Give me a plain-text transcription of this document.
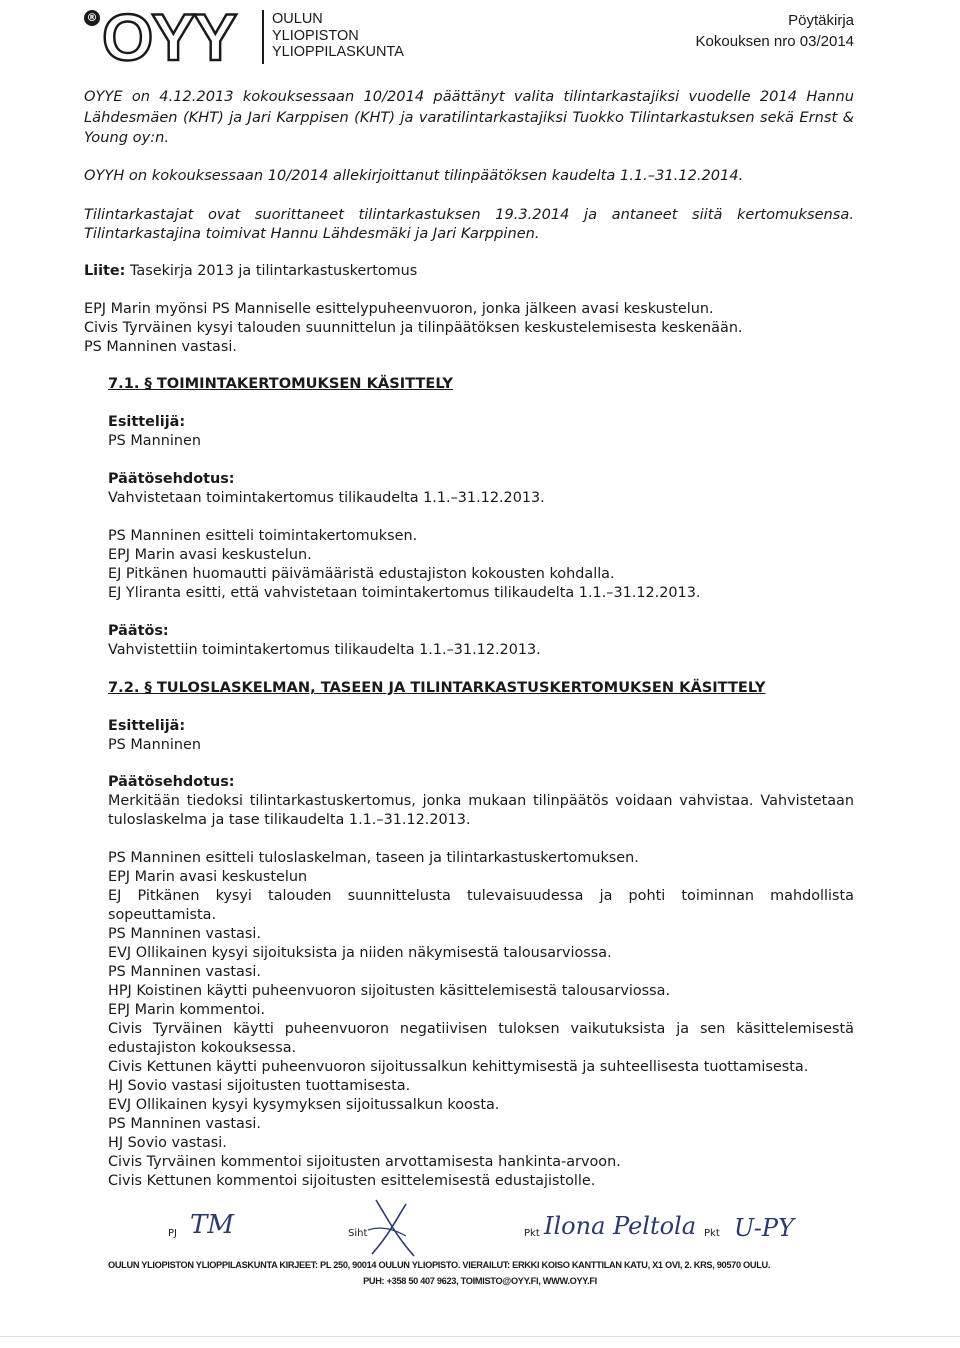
® OYY	OULUN
YLIOPISTON
YLIOPPILASKUNTA
Pöytäkirja
Kokouksen nro 03/2014
OYYE on 4.12.2013 kokouksessaan 10/2014 päättänyt valita tilintarkastajiksi vuodelle 2014 Hannu
Lähdesmäen (KHT) ja Jari Karppisen (KHT) ja varatilintarkastajiksi Tuokko Tilintarkastuksen sekä Ernst &
Young oy:n.
OYYH on kokouksessaan 10/2014 allekirjoittanut tilinpäätöksen kaudelta 1.1.–31.12.2014.
Tilintarkastajat ovat suorittaneet tilintarkastuksen 19.3.2014 ja antaneet siitä kertomuksensa.
Tilintarkastajina toimivat Hannu Lähdesmäki ja Jari Karppinen.
Liite: Tasekirja 2013 ja tilintarkastuskertomus
EPJ Marin myönsi PS Manniselle esittelypuheenvuoron, jonka jälkeen avasi keskustelun.
Civis Tyrväinen kysyi talouden suunnittelun ja tilinpäätöksen keskustelemisesta keskenään.
PS Manninen vastasi.
7.1. § TOIMINTAKERTOMUKSEN KÄSITTELY
Esittelijä:
PS Manninen
Päätösehdotus:
Vahvistetaan toimintakertomus tilikaudelta 1.1.–31.12.2013.
PS Manninen esitteli toimintakertomuksen.
EPJ Marin avasi keskustelun.
EJ Pitkänen huomautti päivämääristä edustajiston kokousten kohdalla.
EJ Yliranta esitti, että vahvistetaan toimintakertomus tilikaudelta 1.1.–31.12.2013.
Päätös:
Vahvistettiin toimintakertomus tilikaudelta 1.1.–31.12.2013.
7.2. § TULOSLASKELMAN, TASEEN JA TILINTARKASTUSKERTOMUKSEN KÄSITTELY
Esittelijä:
PS Manninen
Päätösehdotus:
Merkitään tiedoksi tilintarkastuskertomus, jonka mukaan tilinpäätös voidaan vahvistaa. Vahvistetaan
tuloslaskelma ja tase tilikaudelta 1.1.–31.12.2013.
PS Manninen esitteli tuloslaskelman, taseen ja tilintarkastuskertomuksen.
EPJ Marin avasi keskustelun
EJ Pitkänen kysyi talouden suunnittelusta tulevaisuudessa ja pohti toiminnan mahdollista
sopeuttamista.
PS Manninen vastasi.
EVJ Ollikainen kysyi sijoituksista ja niiden näkymisestä talousarviossa.
PS Manninen vastasi.
HPJ Koistinen käytti puheenvuoron sijoitusten käsittelemisestä talousarviossa.
EPJ Marin kommentoi.
Civis Tyrväinen käytti puheenvuoron negatiivisen tuloksen vaikutuksista ja sen käsittelemisestä
edustajiston kokouksessa.
Civis Kettunen käytti puheenvuoron sijoitussalkun kehittymisestä ja suhteellisesta tuottamisesta.
HJ Sovio vastasi sijoitusten tuottamisesta.
EVJ Ollikainen kysyi kysymyksen sijoitussalkun koosta.
PS Manninen vastasi.
HJ Sovio vastasi.
Civis Tyrväinen kommentoi sijoitusten arvottamisesta hankinta-arvoon.
Civis Kettunen kommentoi sijoitusten esittelemisestä edustajistolle.
PJ TM	Siht	Pkt Ilona Peltola Pkt U-PY
OULUN YLIOPISTON YLIOPPILASKUNTA KIRJEET: PL 250, 90014 OULUN YLIOPISTO. VIERAILUT: ERKKI KOISO KANTTILAN KATU, X1 OVI, 2. KRS, 90570 OULU.
PUH: +358 50 407 9623, TOIMISTO@OYY.FI, WWW.OYY.FI
